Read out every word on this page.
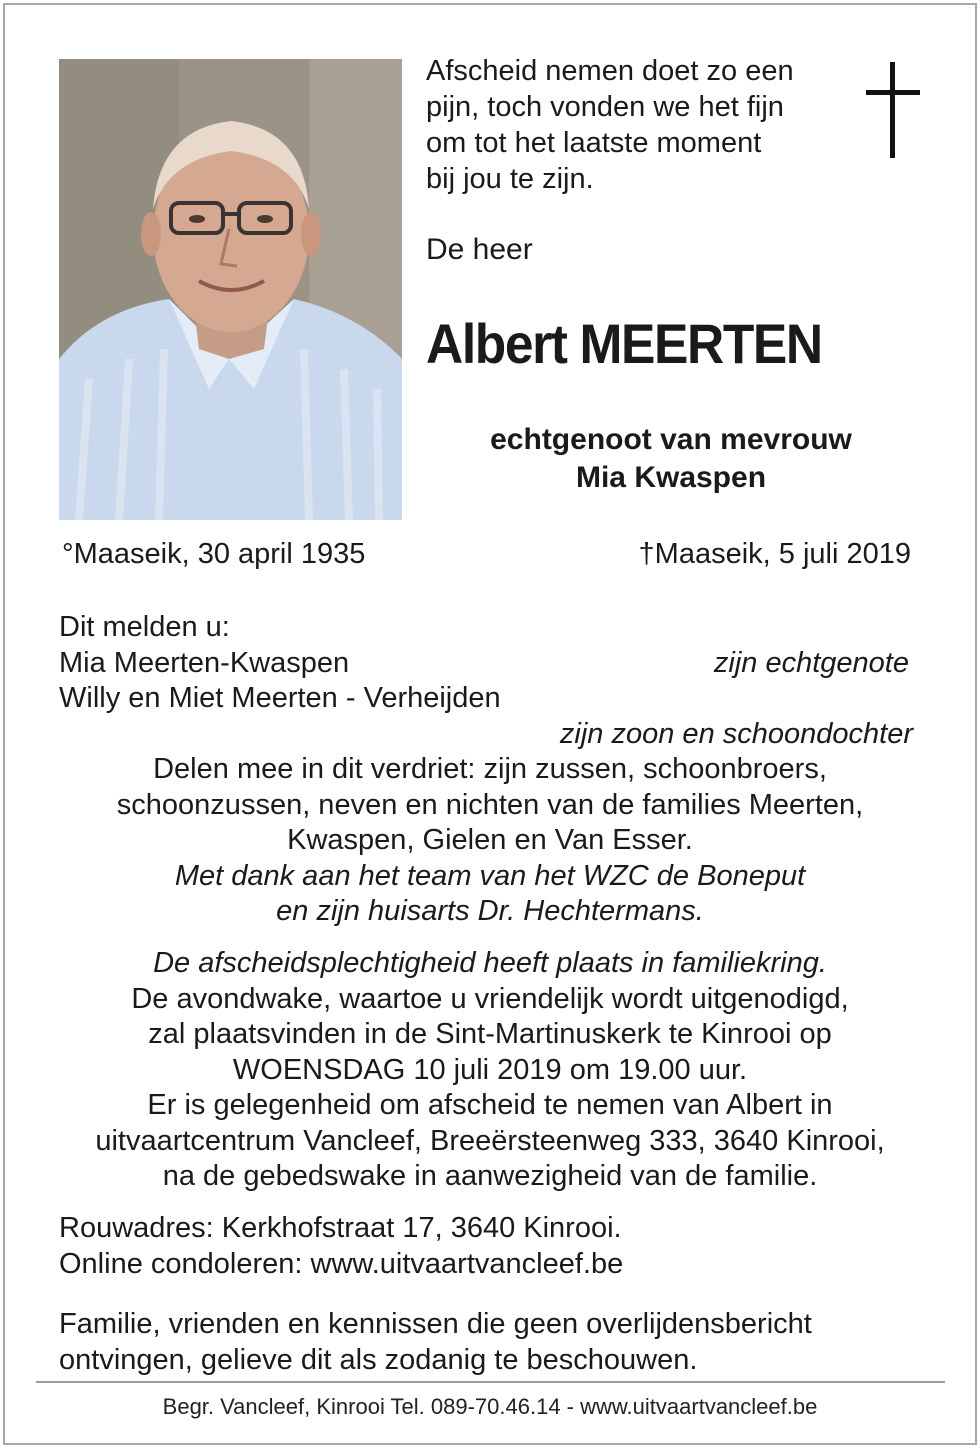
Afscheid nemen doet zo een
pijn, toch vonden we het fijn
om tot het laatste moment
bij jou te zijn.
De heer
Albert MEERTEN
echtgenoot van mevrouw
Mia Kwaspen
°Maaseik, 30 april 1935	†Maaseik, 5 juli 2019
Dit melden u:
Mia Meerten-Kwaspen	zijn echtgenote
Willy en Miet Meerten - Verheijden
zijn zoon en schoondochter
Delen mee in dit verdriet: zijn zussen, schoonbroers,
schoonzussen, neven en nichten van de families Meerten,
Kwaspen, Gielen en Van Esser.
Met dank aan het team van het WZC de Boneput
en zijn huisarts Dr. Hechtermans.
De afscheidsplechtigheid heeft plaats in familiekring.
De avondwake, waartoe u vriendelijk wordt uitgenodigd,
zal plaatsvinden in de Sint-Martinuskerk te Kinrooi op
WOENSDAG 10 juli 2019 om 19.00 uur.
Er is gelegenheid om afscheid te nemen van Albert in
uitvaartcentrum Vancleef, Breeërsteenweg 333, 3640 Kinrooi,
na de gebedswake in aanwezigheid van de familie.
Rouwadres: Kerkhofstraat 17, 3640 Kinrooi.
Online condoleren: www.uitvaartvancleef.be
Familie, vrienden en kennissen die geen overlijdensbericht
ontvingen, gelieve dit als zodanig te beschouwen.
Begr. Vancleef, Kinrooi Tel. 089-70.46.14 - www.uitvaartvancleef.be
